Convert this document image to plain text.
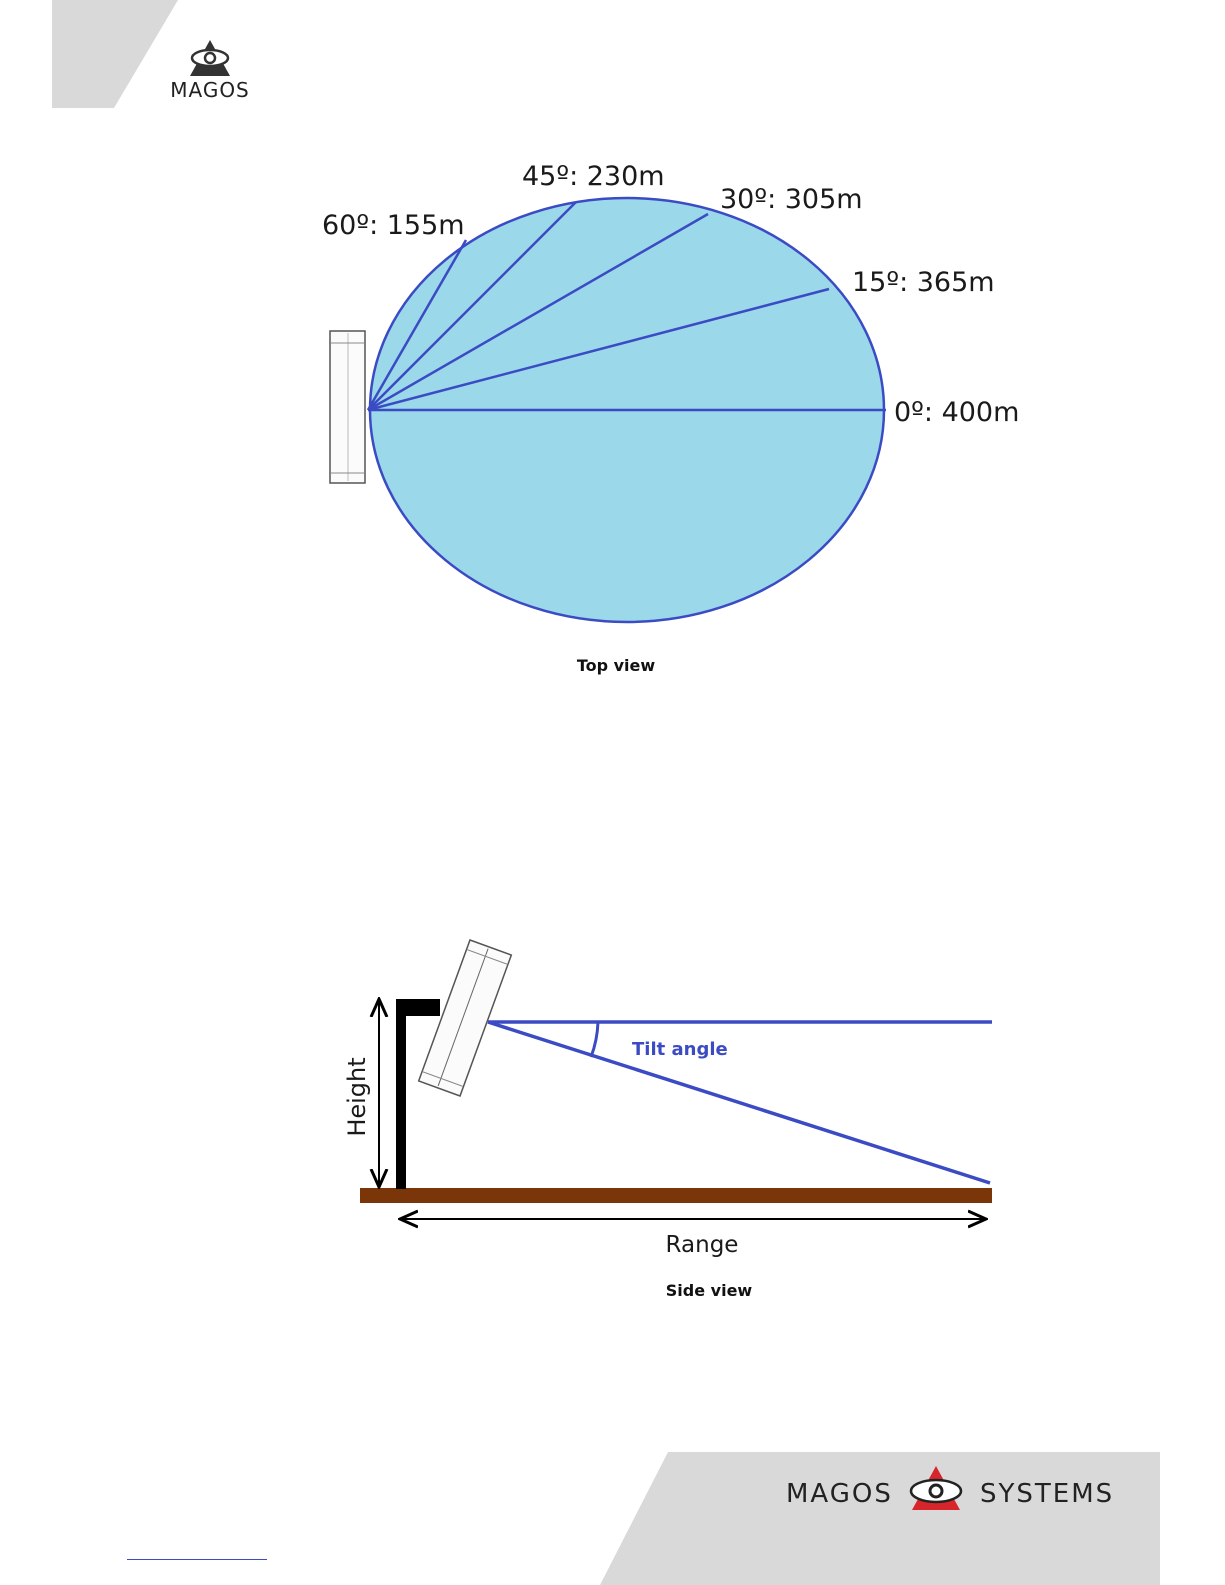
MAGOS
60º: 155m
45º: 230m
30º: 305m
15º: 365m
0º: 400m
Top view
Height
Tilt angle
Range
Side view
MAGOS	SYSTEMS
